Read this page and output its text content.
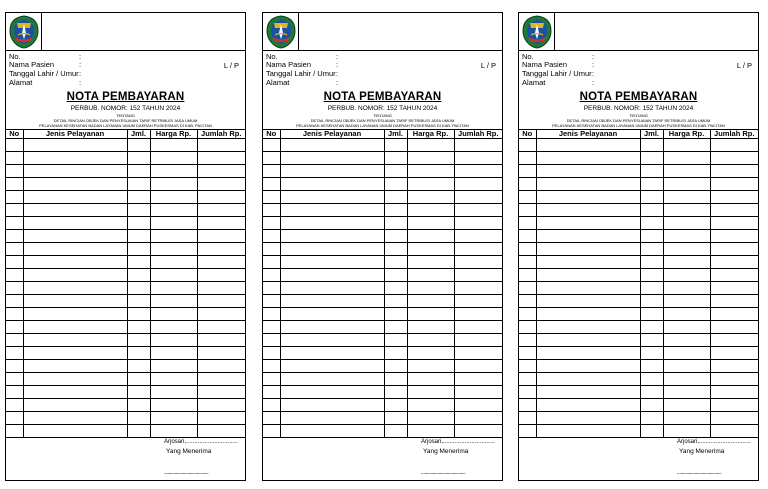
No.	:
Nama Pasien	:
Tanggal Lahir / Umur :
Alamat	:
L / P
NOTA PEMBAYARAN
PERBUB. NOMOR: 152 TAHUN 2024
TENTANG
DETAIL RINCIAN OBJEK DAN PENYESUAIAN TARIF RETRIBUSI JASA UMUM
PELAYANAN KESEHATAN BADAN LAYANAN UMUM DAERAH PUSKESMAS DI KAB. PACITAN
No	Jenis Pelayanan	Jml.	Harga Rp.	Jumlah Rp.

Arjosari,...............................
Yang Menerima
......................................
No.	:
Nama Pasien	:
Tanggal Lahir / Umur :
Alamat	:
L / P
NOTA PEMBAYARAN
PERBUB. NOMOR: 152 TAHUN 2024
TENTANG
DETAIL RINCIAN OBJEK DAN PENYESUAIAN TARIF RETRIBUSI JASA UMUM
PELAYANAN KESEHATAN BADAN LAYANAN UMUM DAERAH PUSKESMAS DI KAB. PACITAN
No	Jenis Pelayanan	Jml.	Harga Rp.	Jumlah Rp.

Arjosari,...............................
Yang Menerima
......................................
No.	:
Nama Pasien	:
Tanggal Lahir / Umur :
Alamat	:
L / P
NOTA PEMBAYARAN
PERBUB. NOMOR: 152 TAHUN 2024
TENTANG
DETAIL RINCIAN OBJEK DAN PENYESUAIAN TARIF RETRIBUSI JASA UMUM
PELAYANAN KESEHATAN BADAN LAYANAN UMUM DAERAH PUSKESMAS DI KAB. PACITAN
No	Jenis Pelayanan	Jml.	Harga Rp.	Jumlah Rp.

Arjosari,...............................
Yang Menerima
......................................
